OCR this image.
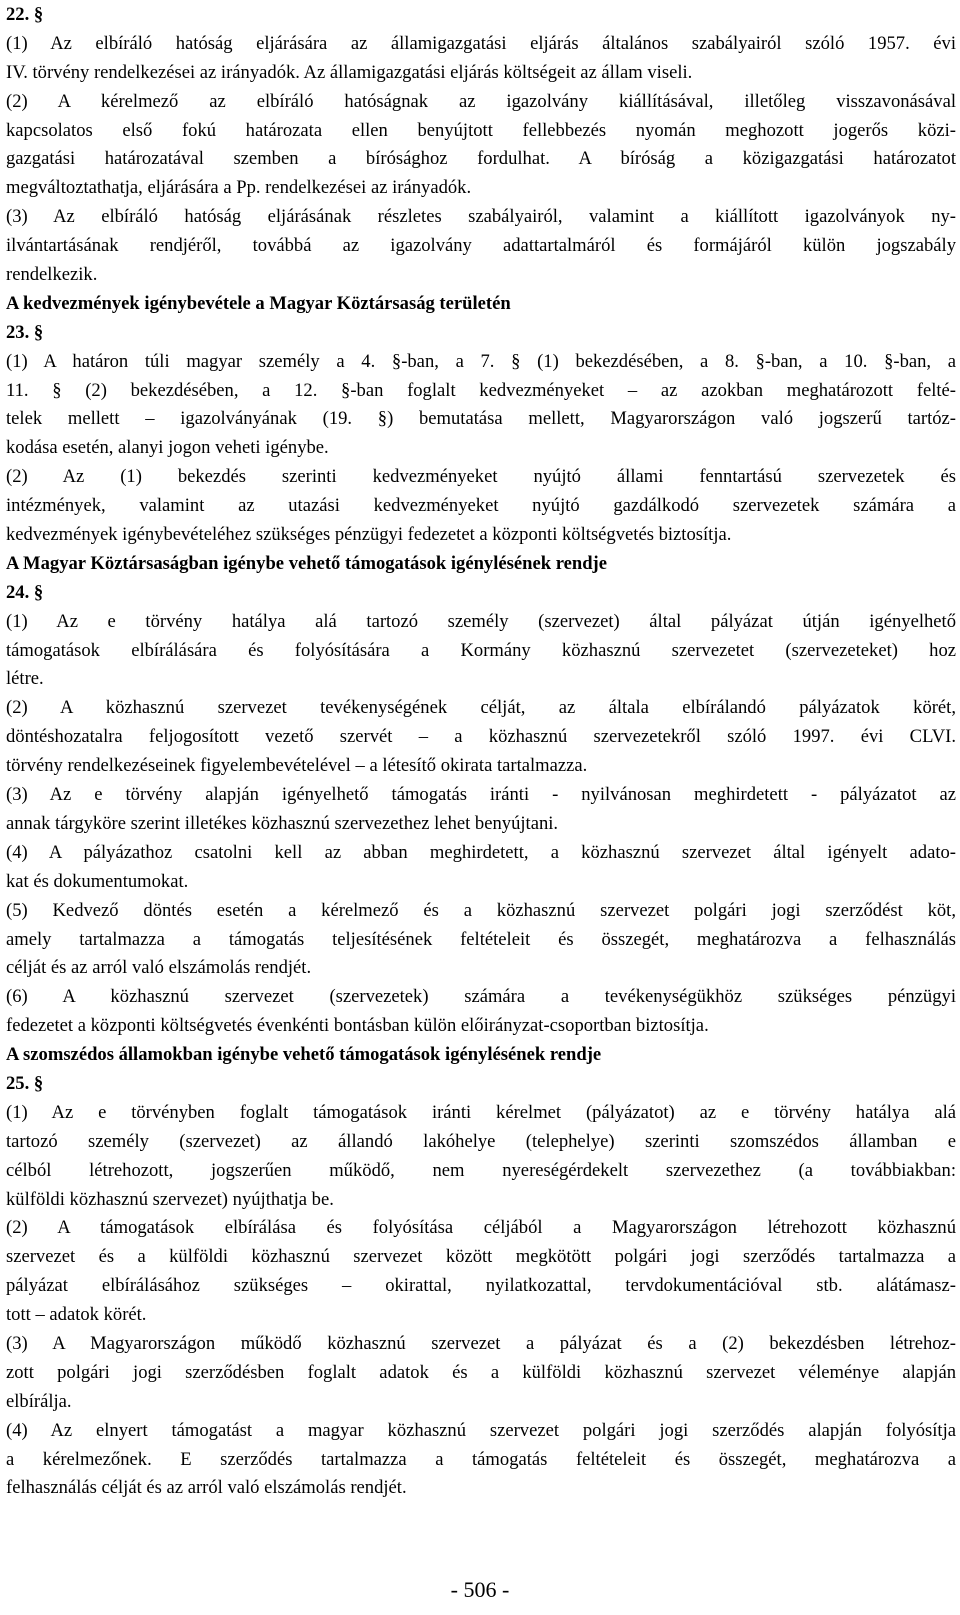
22. §
(1) Az elbíráló hatóság eljárására az államigazgatási eljárás általános szabályairól szóló 1957. évi
IV. törvény rendelkezései az irányadók. Az államigazgatási eljárás költségeit az állam viseli.
(2) A kérelmező az elbíráló hatóságnak az igazolvány kiállításával, illetőleg visszavonásával
kapcsolatos első fokú határozata ellen benyújtott fellebbezés nyomán meghozott jogerős közi-
gazgatási határozatával szemben a bírósághoz fordulhat. A bíróság a közigazgatási határozatot
megváltoztathatja, eljárására a Pp. rendelkezései az irányadók.
(3) Az elbíráló hatóság eljárásának részletes szabályairól, valamint a kiállított igazolványok ny-
ilvántartásának rendjéről, továbbá az igazolvány adattartalmáról és formájáról külön jogszabály
rendelkezik.
A kedvezmények igénybevétele a Magyar Köztársaság területén
23. §
(1) A határon túli magyar személy a 4. §-ban, a 7. § (1) bekezdésében, a 8. §-ban, a 10. §-ban, a
11. § (2) bekezdésében, a 12. §-ban foglalt kedvezményeket – az azokban meghatározott felté-
telek mellett – igazolványának (19. §) bemutatása mellett, Magyarországon való jogszerű tartóz-
kodása esetén, alanyi jogon veheti igénybe.
(2) Az (1) bekezdés szerinti kedvezményeket nyújtó állami fenntartású szervezetek és
intézmények, valamint az utazási kedvezményeket nyújtó gazdálkodó szervezetek számára a
kedvezmények igénybevételéhez szükséges pénzügyi fedezetet a központi költségvetés biztosítja.
A Magyar Köztársaságban igénybe vehető támogatások igénylésének rendje
24. §
(1) Az e törvény hatálya alá tartozó személy (szervezet) által pályázat útján igényelhető
támogatások elbírálására és folyósítására a Kormány közhasznú szervezetet (szervezeteket) hoz
létre.
(2) A közhasznú szervezet tevékenységének célját, az általa elbírálandó pályázatok körét,
döntéshozatalra feljogosított vezető szervét – a közhasznú szervezetekről szóló 1997. évi CLVI.
törvény rendelkezéseinek figyelembevételével – a létesítő okirata tartalmazza.
(3) Az e törvény alapján igényelhető támogatás iránti - nyilvánosan meghirdetett - pályázatot az
annak tárgyköre szerint illetékes közhasznú szervezethez lehet benyújtani.
(4) A pályázathoz csatolni kell az abban meghirdetett, a közhasznú szervezet által igényelt adato-
kat és dokumentumokat.
(5) Kedvező döntés esetén a kérelmező és a közhasznú szervezet polgári jogi szerződést köt,
amely tartalmazza a támogatás teljesítésének feltételeit és összegét, meghatározva a felhasználás
célját és az arról való elszámolás rendjét.
(6) A közhasznú szervezet (szervezetek) számára a tevékenységükhöz szükséges pénzügyi
fedezetet a központi költségvetés évenkénti bontásban külön előirányzat-csoportban biztosítja.
A szomszédos államokban igénybe vehető támogatások igénylésének rendje
25. §
(1) Az e törvényben foglalt támogatások iránti kérelmet (pályázatot) az e törvény hatálya alá
tartozó személy (szervezet) az állandó lakóhelye (telephelye) szerinti szomszédos államban e
célból létrehozott, jogszerűen működő, nem nyereségérdekelt szervezethez (a továbbiakban:
külföldi közhasznú szervezet) nyújthatja be.
(2) A támogatások elbírálása és folyósítása céljából a Magyarországon létrehozott közhasznú
szervezet és a külföldi közhasznú szervezet között megkötött polgári jogi szerződés tartalmazza a
pályázat elbírálásához szükséges – okirattal, nyilatkozattal, tervdokumentációval stb. alátámasz-
tott – adatok körét.
(3) A Magyarországon működő közhasznú szervezet a pályázat és a (2) bekezdésben létrehoz-
zott polgári jogi szerződésben foglalt adatok és a külföldi közhasznú szervezet véleménye alapján
elbírálja.
(4) Az elnyert támogatást a magyar közhasznú szervezet polgári jogi szerződés alapján folyósítja
a kérelmezőnek. E szerződés tartalmazza a támogatás feltételeit és összegét, meghatározva a
felhasználás célját és az arról való elszámolás rendjét.
- 506 -
